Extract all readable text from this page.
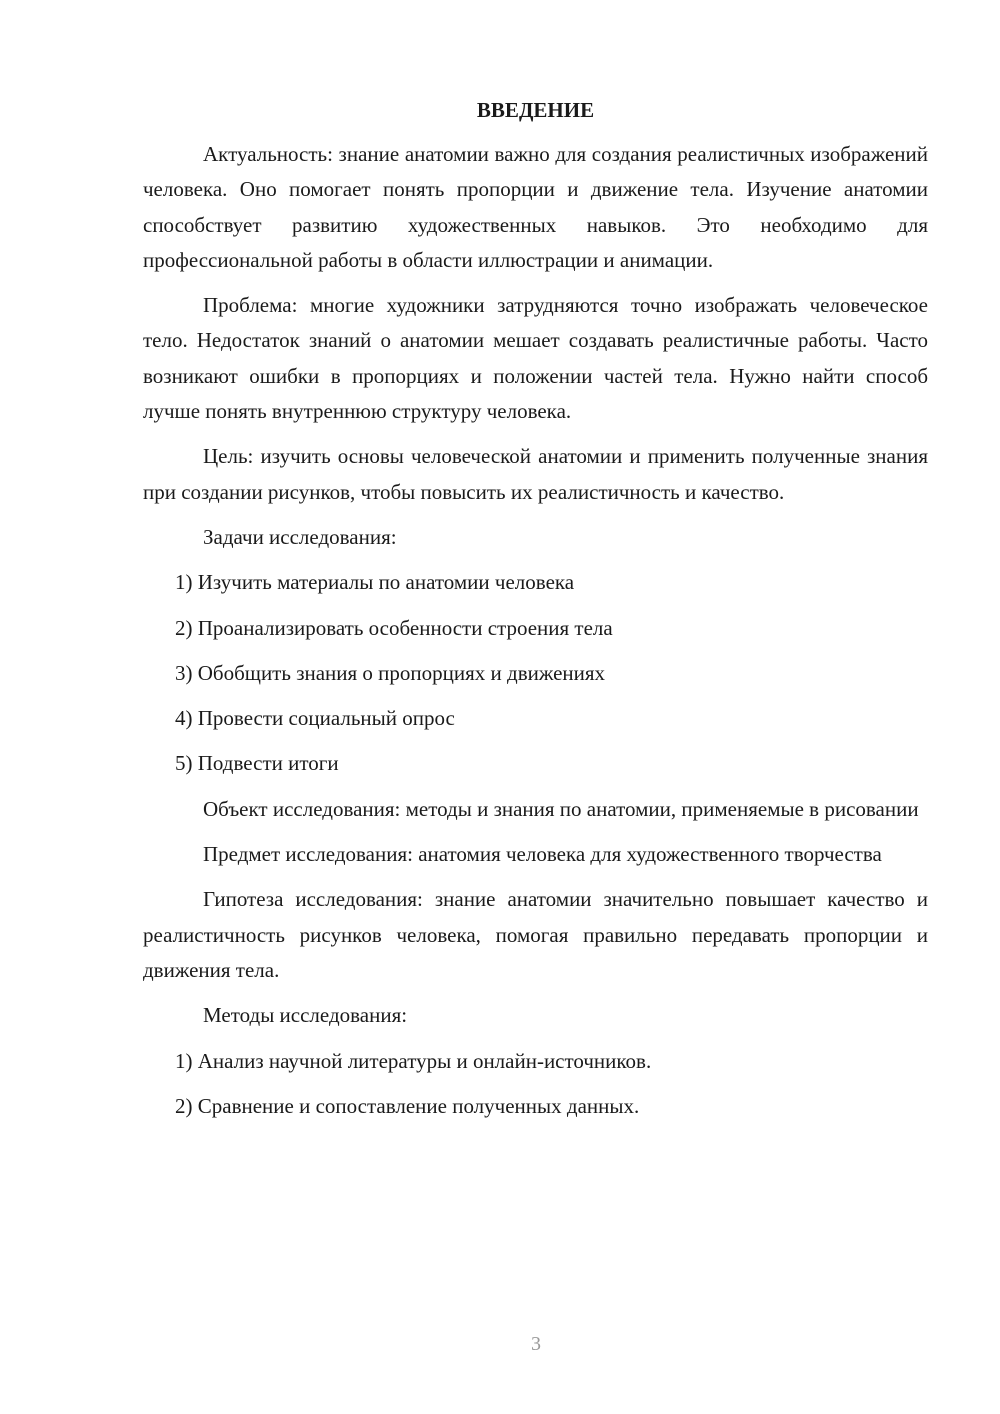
ВВЕДЕНИЕ

Актуальность: знание анатомии важно для создания реалистичных изображений человека. Оно помогает понять пропорции и движение тела. Изучение анатомии способствует развитию художественных навыков. Это необходимо для профессиональной работы в области иллюстрации и анимации.

Проблема: многие художники затрудняются точно изображать человеческое тело. Недостаток знаний о анатомии мешает создавать реалистичные работы. Часто возникают ошибки в пропорциях и положении частей тела. Нужно найти способ лучше понять внутреннюю структуру человека.

Цель: изучить основы человеческой анатомии и применить полученные знания при создании рисунков, чтобы повысить их реалистичность и качество.

Задачи исследования:

1) Изучить материалы по анатомии человека
2) Проанализировать особенности строения тела
3) Обобщить знания о пропорциях и движениях
4) Провести социальный опрос
5) Подвести итоги

Объект исследования: методы и знания по анатомии, применяемые в рисовании

Предмет исследования: анатомия человека для художественного творчества

Гипотеза исследования: знание анатомии значительно повышает качество и реалистичность рисунков человека, помогая правильно передавать пропорции и движения тела.

Методы исследования:

1) Анализ научной литературы и онлайн-источников.
2) Сравнение и сопоставление полученных данных.
3
